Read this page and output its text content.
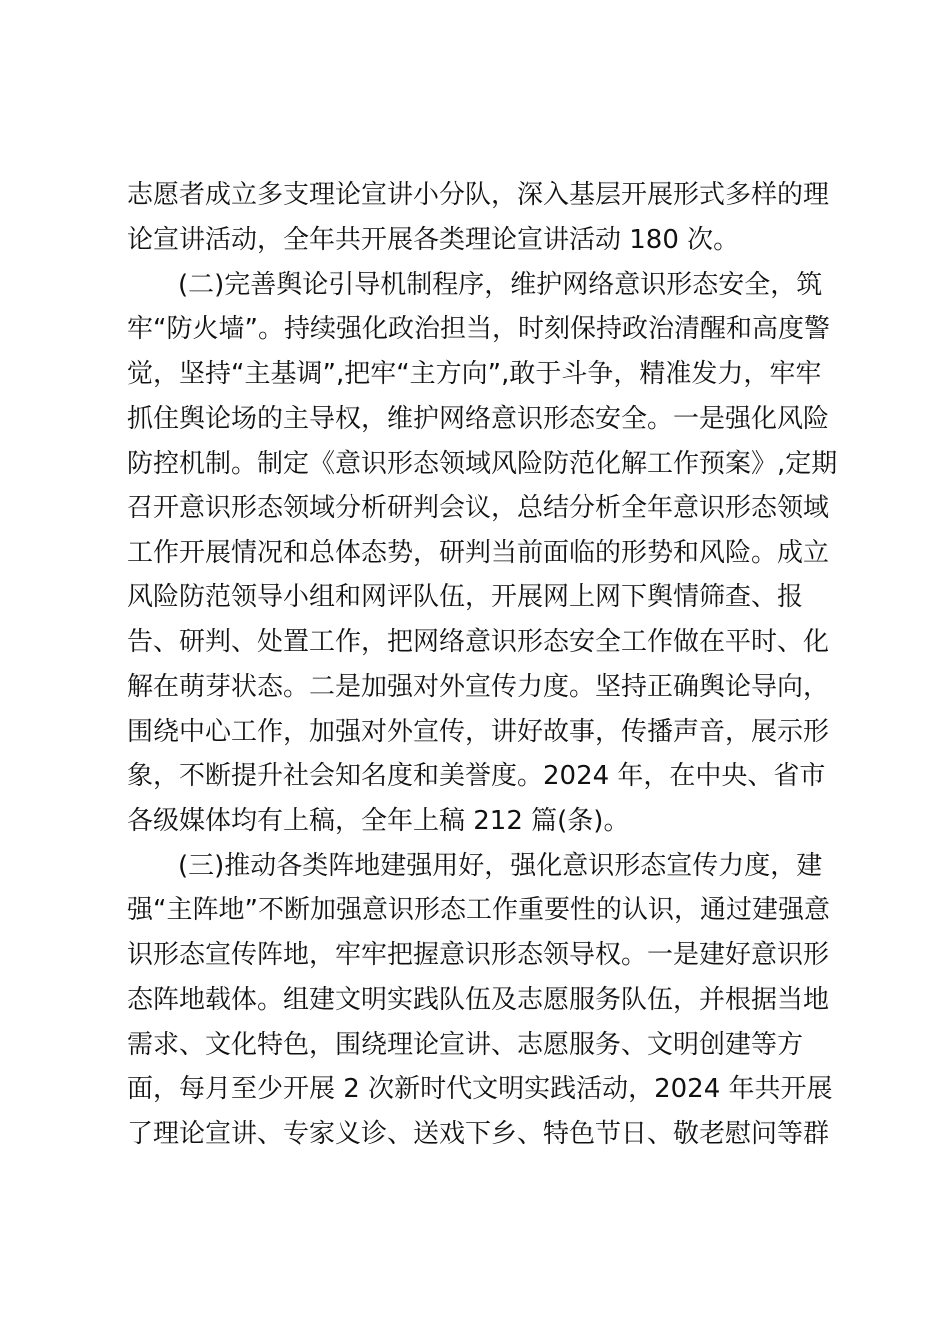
志愿者成立多支理论宣讲小分队，深入基层开展形式多样的理
论宣讲活动，全年共开展各类理论宣讲活动 180 次。
(二)完善舆论引导机制程序，维护网络意识形态安全，筑
牢“防火墙”。持续强化政治担当，时刻保持政治清醒和高度警
觉，坚持“主基调”,把牢“主方向”,敢于斗争，精准发力，牢牢
抓住舆论场的主导权，维护网络意识形态安全。一是强化风险
防控机制。制定《意识形态领域风险防范化解工作预案》,定期
召开意识形态领域分析研判会议，总结分析全年意识形态领域
工作开展情况和总体态势，研判当前面临的形势和风险。成立
风险防范领导小组和网评队伍，开展网上网下舆情筛查、报
告、研判、处置工作，把网络意识形态安全工作做在平时、化
解在萌芽状态。二是加强对外宣传力度。坚持正确舆论导向，
围绕中心工作，加强对外宣传，讲好故事，传播声音，展示形
象，不断提升社会知名度和美誉度。2024 年，在中央、省市
各级媒体均有上稿，全年上稿 212 篇(条)。
(三)推动各类阵地建强用好，强化意识形态宣传力度，建
强“主阵地”不断加强意识形态工作重要性的认识，通过建强意
识形态宣传阵地，牢牢把握意识形态领导权。一是建好意识形
态阵地载体。组建文明实践队伍及志愿服务队伍，并根据当地
需求、文化特色，围绕理论宣讲、志愿服务、文明创建等方
面，每月至少开展 2 次新时代文明实践活动，2024 年共开展
了理论宣讲、专家义诊、送戏下乡、特色节日、敬老慰问等群
